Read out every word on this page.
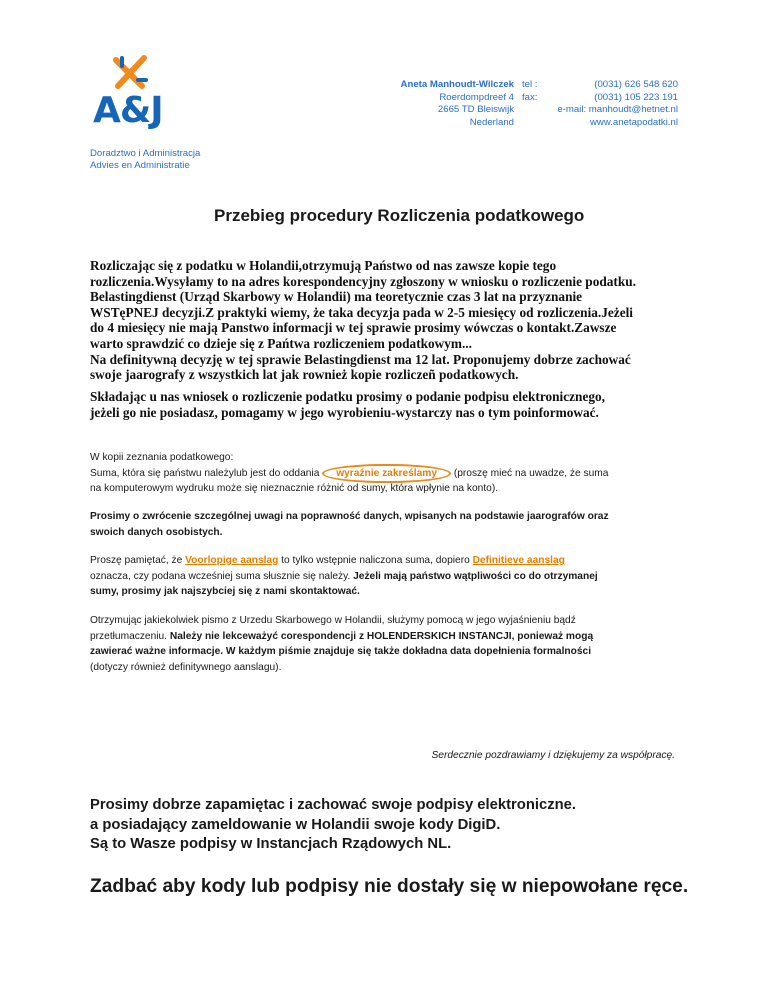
A&J
Aneta Manhoudt-Wilczek
Roerdompdreef 4
2665 TD Bleiswijk
Nederland
tel :	(0031) 626 548 620
fax:	(0031) 105 223 191
e-mail: manhoudt@hetnet.nl
www.anetapodatki.nl
Doradztwo i Administracja
Advies en Administratie
Przebieg procedury Rozliczenia podatkowego
Rozliczając się z podatku w Holandii,otrzymują Państwo od nas zawsze kopie tego
rozliczenia.Wysyłamy to na adres korespondencyjny zgłoszony w wniosku o rozliczenie podatku.
Belastingdienst (Urząd Skarbowy w Holandii) ma teoretycznie czas 3 lat na przyznanie
WSTęPNEJ decyzji.Z praktyki wiemy, że taka decyzja pada w 2-5 miesięcy od rozliczenia.Jeżeli
do 4 miesięcy nie mają Panstwo informacji w tej sprawie prosimy wówczas o kontakt.Zawsze
warto sprawdzić co dzieje się z Pańtwa rozliczeniem podatkowym...
Na definitywną decyzję w tej sprawie Belastingdienst ma 12 lat. Proponujemy dobrze zachować
swoje jaarografy z wszystkich lat jak rownież kopie rozliczeñ podatkowych.
Składając u nas wniosek o rozliczenie podatku prosimy o podanie podpisu elektronicznego,
jeżeli go nie posiadasz, pomagamy w jego wyrobieniu-wystarczy nas o tym poinformować.
W kopii zeznania podatkowego:
Suma, która się państwu należylub jest do oddania wyraźnie zakreślamy (proszę mieć na uwadze, że suma
na komputerowym wydruku może się nieznacznie różnić od sumy, która wpłynie na konto).
Prosimy o zwrócenie szczególnej uwagi na poprawność danych, wpisanych na podstawie jaarografów oraz
swoich danych osobistych.
Proszę pamiętać, że Voorlopige aanslag to tylko wstępnie naliczona suma, dopiero Definitieve aanslag
oznacza, czy podana wcześniej suma słusznie się należy. Jeżeli mają państwo wątpliwości co do otrzymanej
sumy, prosimy jak najszybciej się z nami skontaktować.
Otrzymując jakiekolwiek pismo z Urzedu Skarbowego w Holandii, służymy pomocą w jego wyjaśnieniu bądź
przetłumaczeniu. Należy nie lekceważyć corespondencji z HOLENDERSKICH INSTANCJI, ponieważ mogą
zawierać ważne informacje. W każdym piśmie znajduje się także dokładna data dopełnienia formalności
(dotyczy również definitywnego aanslagu).
Serdecznie pozdrawiamy i dziękujemy za współpracę.
Prosimy dobrze zapamiętac i zachować swoje podpisy elektroniczne.
a posiadający zameldowanie w Holandii swoje kody DigiD.
Są to Wasze podpisy w Instancjach Rządowych NL.
Zadbać aby kody lub podpisy nie dostały się w niepowołane ręce.
